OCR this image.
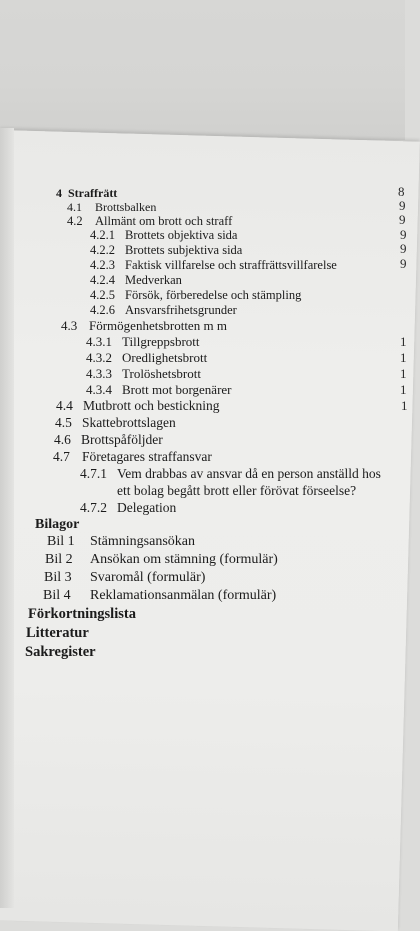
4 Straffrätt	8
4.1 Brottsbalken	9
4.2 Allmänt om brott och straff	9
4.2.1 Brottets objektiva sida	9
4.2.2 Brottets subjektiva sida	9
4.2.3 Faktisk villfarelse och straffrättsvillfarelse	9
4.2.4 Medverkan
4.2.5 Försök, förberedelse och stämpling
4.2.6 Ansvarsfrihetsgrunder
4.3 Förmögenhetsbrotten m m
4.3.1 Tillgreppsbrott	1
4.3.2 Oredlighetsbrott	1
4.3.3 Trolöshetsbrott	1
4.3.4 Brott mot borgenärer	1
4.4 Mutbrott och bestickning	1
4.5 Skattebrottslagen
4.6 Brottspåföljder
4.7 Företagares straffansvar
4.7.1 Vem drabbas av ansvar då en person anställd hos
ett bolag begått brott eller förövat förseelse?
4.7.2 Delegation
Bilagor
Bil 1 Stämningsansökan
Bil 2 Ansökan om stämning (formulär)
Bil 3 Svaromål (formulär)
Bil 4 Reklamationsanmälan (formulär)
Förkortningslista
Litteratur
Sakregister
